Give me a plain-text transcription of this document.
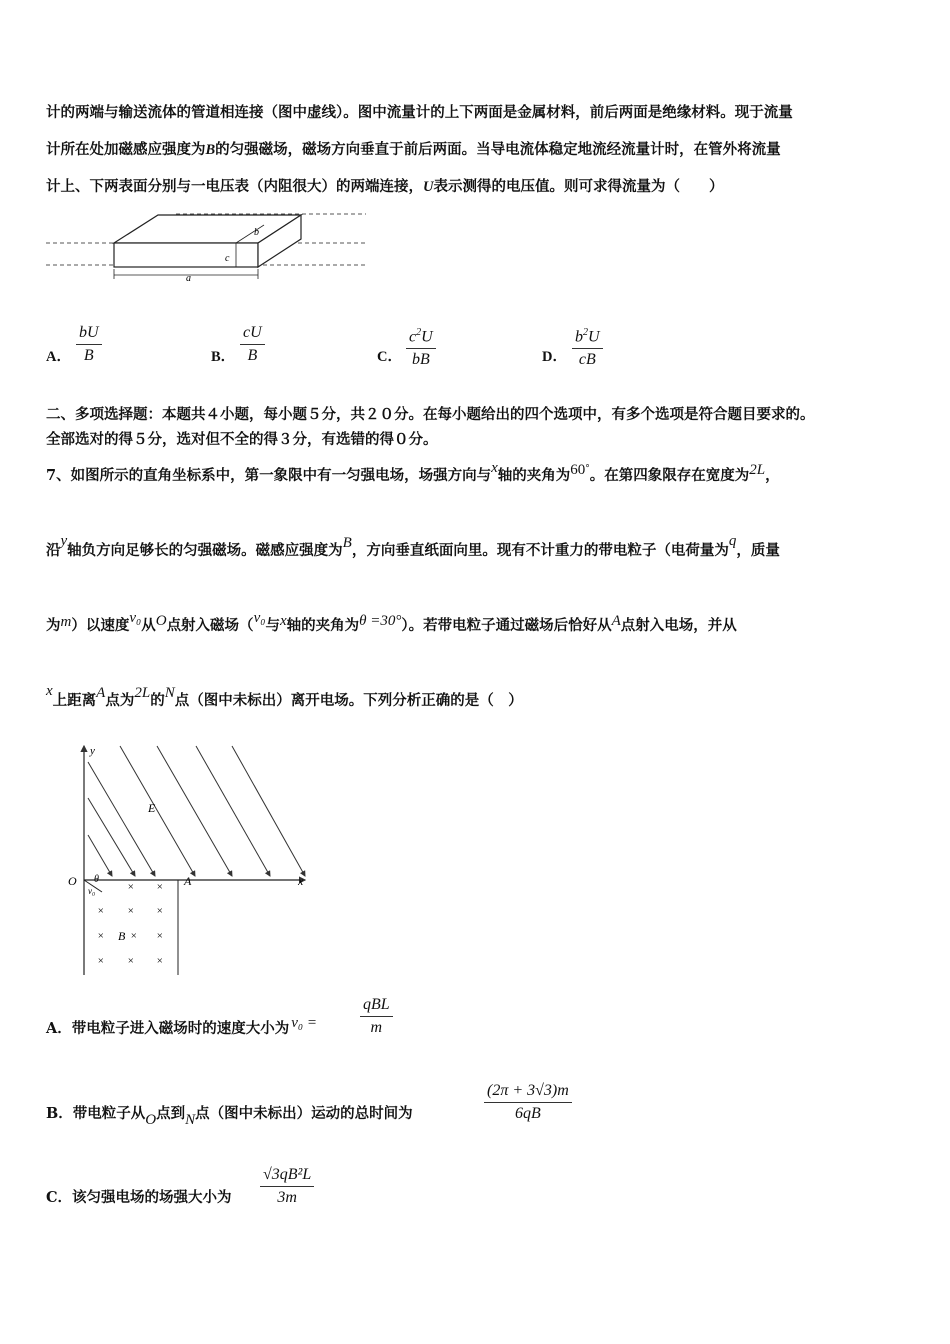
计的两端与输送流体的管道相连接（图中虚线）。图中流量计的上下两面是金属材料，前后两面是绝缘材料。现于流量
计所在处加磁感应强度为B的匀强磁场，磁场方向垂直于前后两面。当导电流体稳定地流经流量计时，在管外将流量
计上、下两表面分别与一电压表（内阻很大）的两端连接，U表示测得的电压值。则可求得流量为（　　）
a
b
c
A． $\frac{bU}{B}$	B． $\frac{cU}{B}$	C． $\frac{c^2U}{bB}$	D． $\frac{b^2U}{cB}$
二、多项选择题：本题共４小题，每小题５分，共２０分。在每小题给出的四个选项中，有多个选项是符合题目要求的。
全部选对的得５分，选对但不全的得３分，有选错的得０分。
7、如图所示的直角坐标系中，第一象限中有一匀强电场，场强方向与x轴的夹角为60°。在第四象限存在宽度为2L，
沿y轴负方向足够长的匀强磁场。磁感应强度为B，方向垂直纸面向里。现有不计重力的带电粒子（电荷量为q，质量
为m）以速度v₀从O点射入磁场（v₀与x轴的夹角为θ =30°）。若带电粒子通过磁场后恰好从A点射入电场，并从
x上距离A点为2L的N点（图中未标出）离开电场。下列分析正确的是（　）
y
x
O	A
E
θ
v₀
B
× ×
× × ×
× × ×
× × ×
A．带电粒子进入磁场时的速度大小为 v₀ =
qBL
m
B．带电粒子从O点到N点（图中未标出）运动的总时间为	$\frac{(2\pi + 3√3)m}{6qB}$
C．该匀强电场的场强大小为	$\frac{\text{√3qB²L}}{3m}$
